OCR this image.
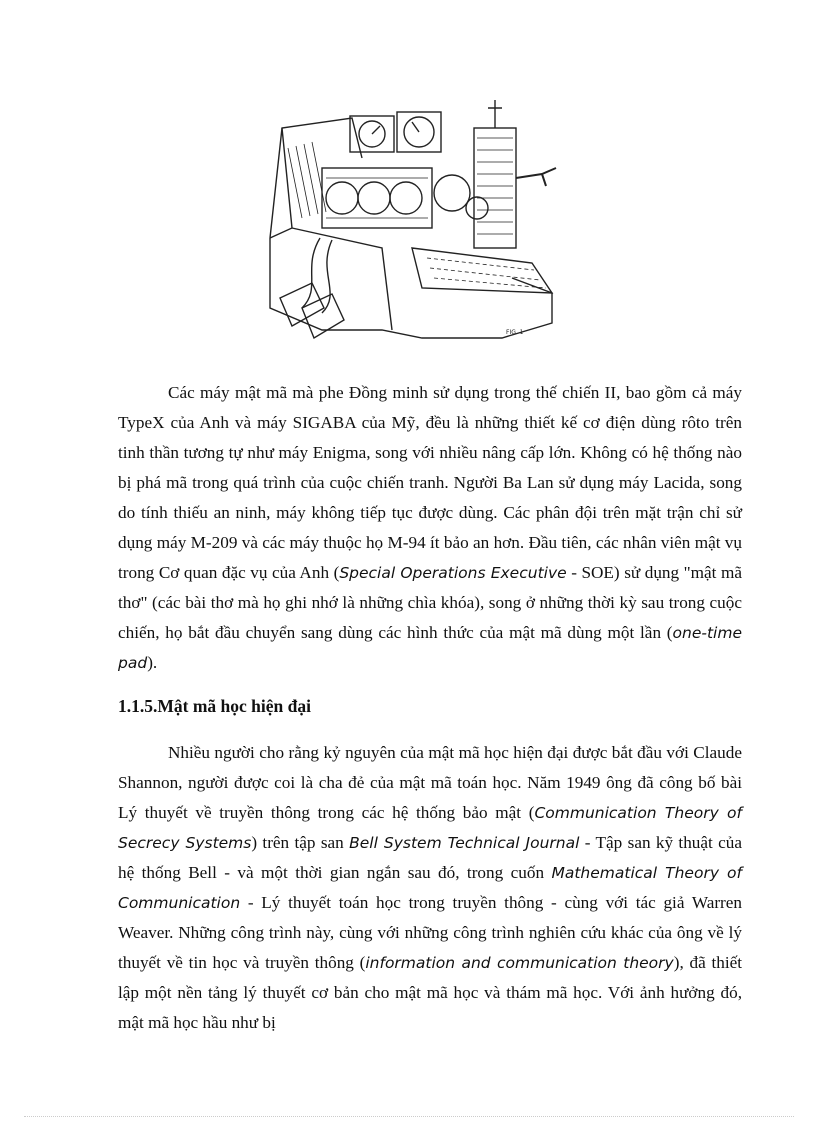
FIG. 1

Các máy mật mã mà phe Đồng minh sử dụng trong thế chiến II, bao gồm cả máy TypeX của Anh và máy SIGABA của Mỹ, đều là những thiết kế cơ điện dùng rôto trên tinh thần tương tự như máy Enigma, song với nhiều nâng cấp lớn. Không có hệ thống nào bị phá mã trong quá trình của cuộc chiến tranh. Người Ba Lan sử dụng máy Lacida, song do tính thiếu an ninh, máy không tiếp tục được dùng. Các phân đội trên mặt trận chỉ sử dụng máy M-209 và các máy thuộc họ M-94 ít bảo an hơn. Đầu tiên, các nhân viên mật vụ trong Cơ quan đặc vụ của Anh (Special Operations Executive - SOE) sử dụng "mật mã thơ" (các bài thơ mà họ ghi nhớ là những chìa khóa), song ở những thời kỳ sau trong cuộc chiến, họ bắt đầu chuyển sang dùng các hình thức của mật mã dùng một lần (one-time pad).

1.1.5.Mật mã học hiện đại

Nhiều người cho rằng kỷ nguyên của mật mã học hiện đại được bắt đầu với Claude Shannon, người được coi là cha đẻ của mật mã toán học. Năm 1949 ông đã công bố bài Lý thuyết về truyền thông trong các hệ thống bảo mật (Communication Theory of Secrecy Systems) trên tập san Bell System Technical Journal - Tập san kỹ thuật của hệ thống Bell - và một thời gian ngắn sau đó, trong cuốn Mathematical Theory of Communication - Lý thuyết toán học trong truyền thông - cùng với tác giả Warren Weaver. Những công trình này, cùng với những công trình nghiên cứu khác của ông về lý thuyết về tin học và truyền thông (information and communication theory), đã thiết lập một nền tảng lý thuyết cơ bản cho mật mã học và thám mã học. Với ảnh hưởng đó, mật mã học hầu như bị
